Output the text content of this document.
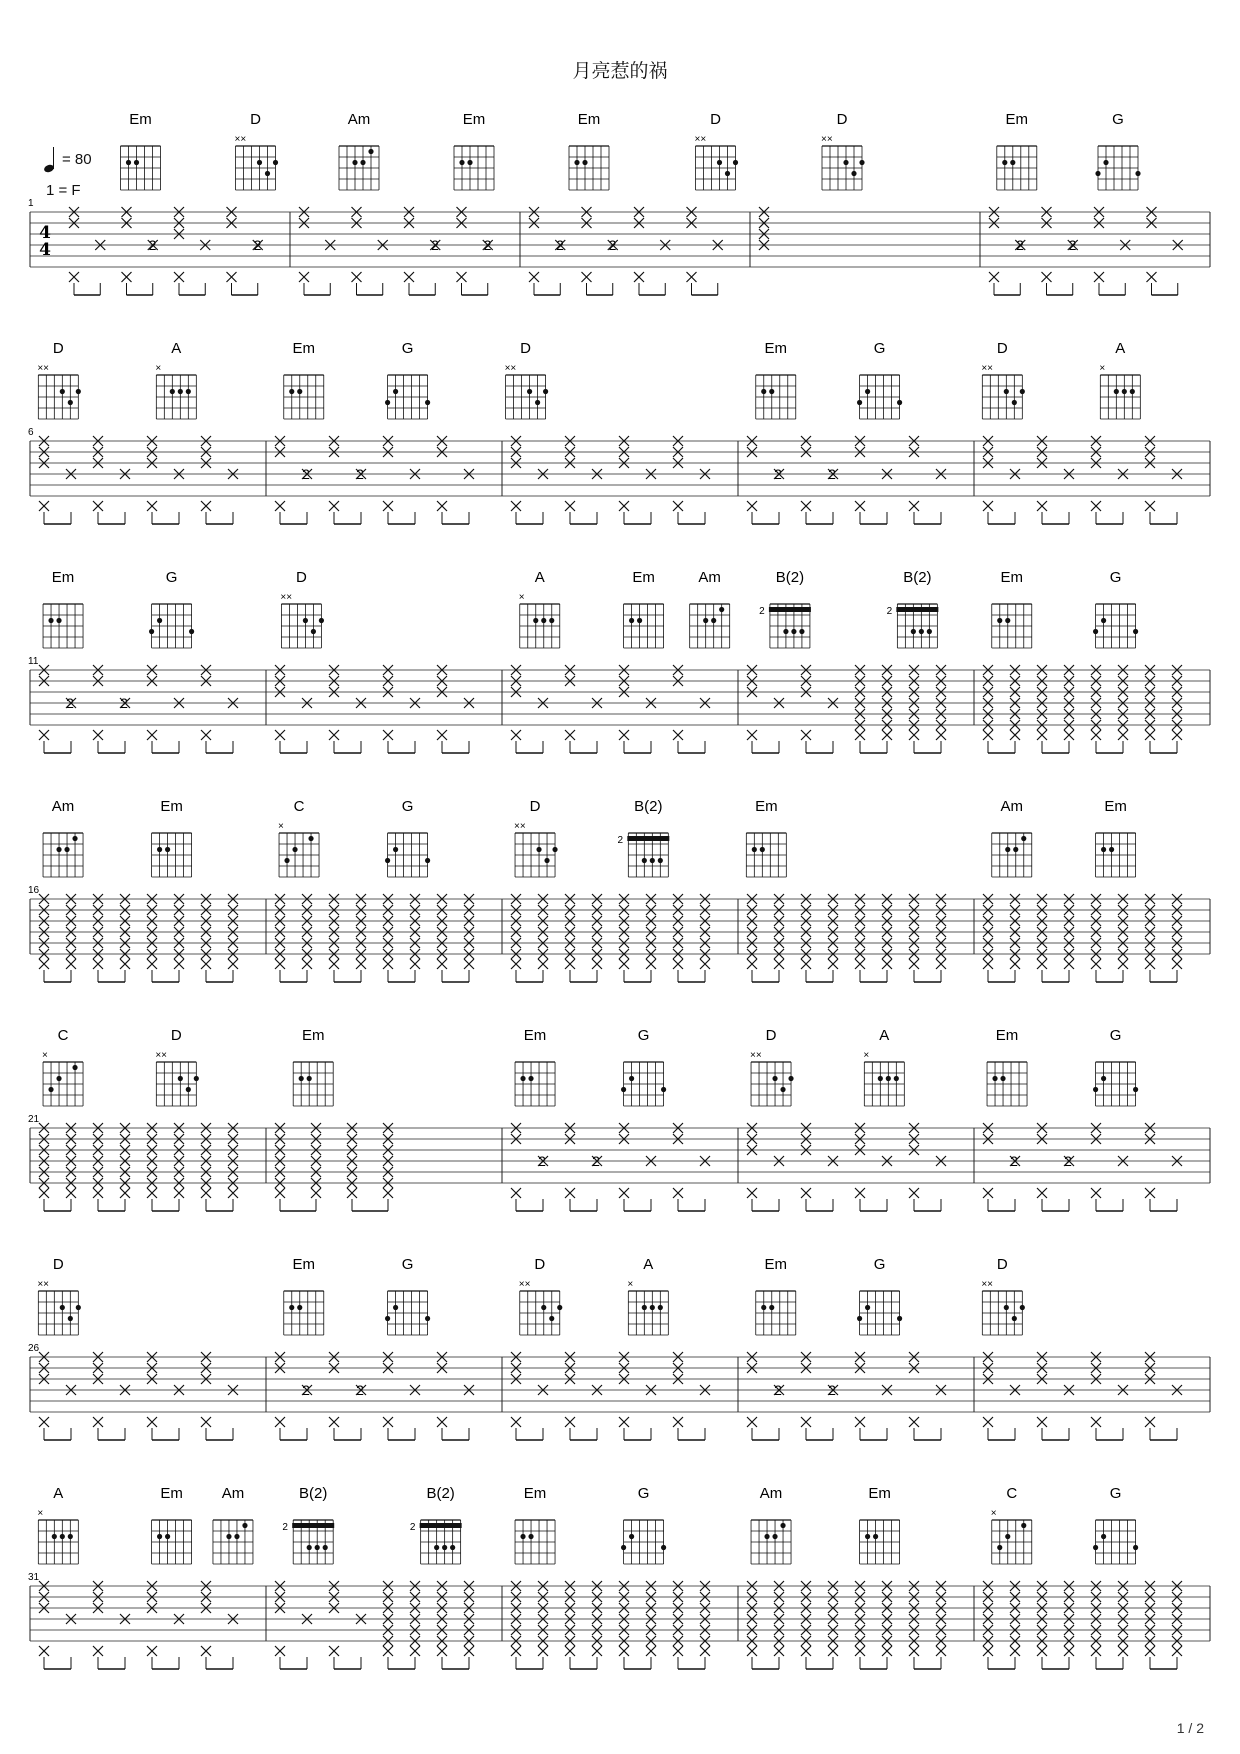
月亮惹的祸
= 80
1 = F
1
4
4	2	2	2	2	2	2	2	2
Em	D
××
Am	Em	Em	D
××
D
××
Em	G
6
2	2	2	2
D
××
A
×
Em	G	D
××
Em	G	D
××
A
×
11
2	2
Em	G	D
××
A
×
Em	Am	B(2)
2
B(2)
2
Em	G
16
Am	Em	C
×
G	D
××
B(2)
2
Em	Am	Em
21
2	2	2	2
C
×
D
××
Em	Em	G	D
××
A
×
Em	G
26
2	2	2	2
D
××
Em	G	D
××
A
×
Em	G	D
××
31
A
×
Em	Am	B(2)
2
B(2)
2
Em	G	Am	Em	C
×
G
1 / 2
